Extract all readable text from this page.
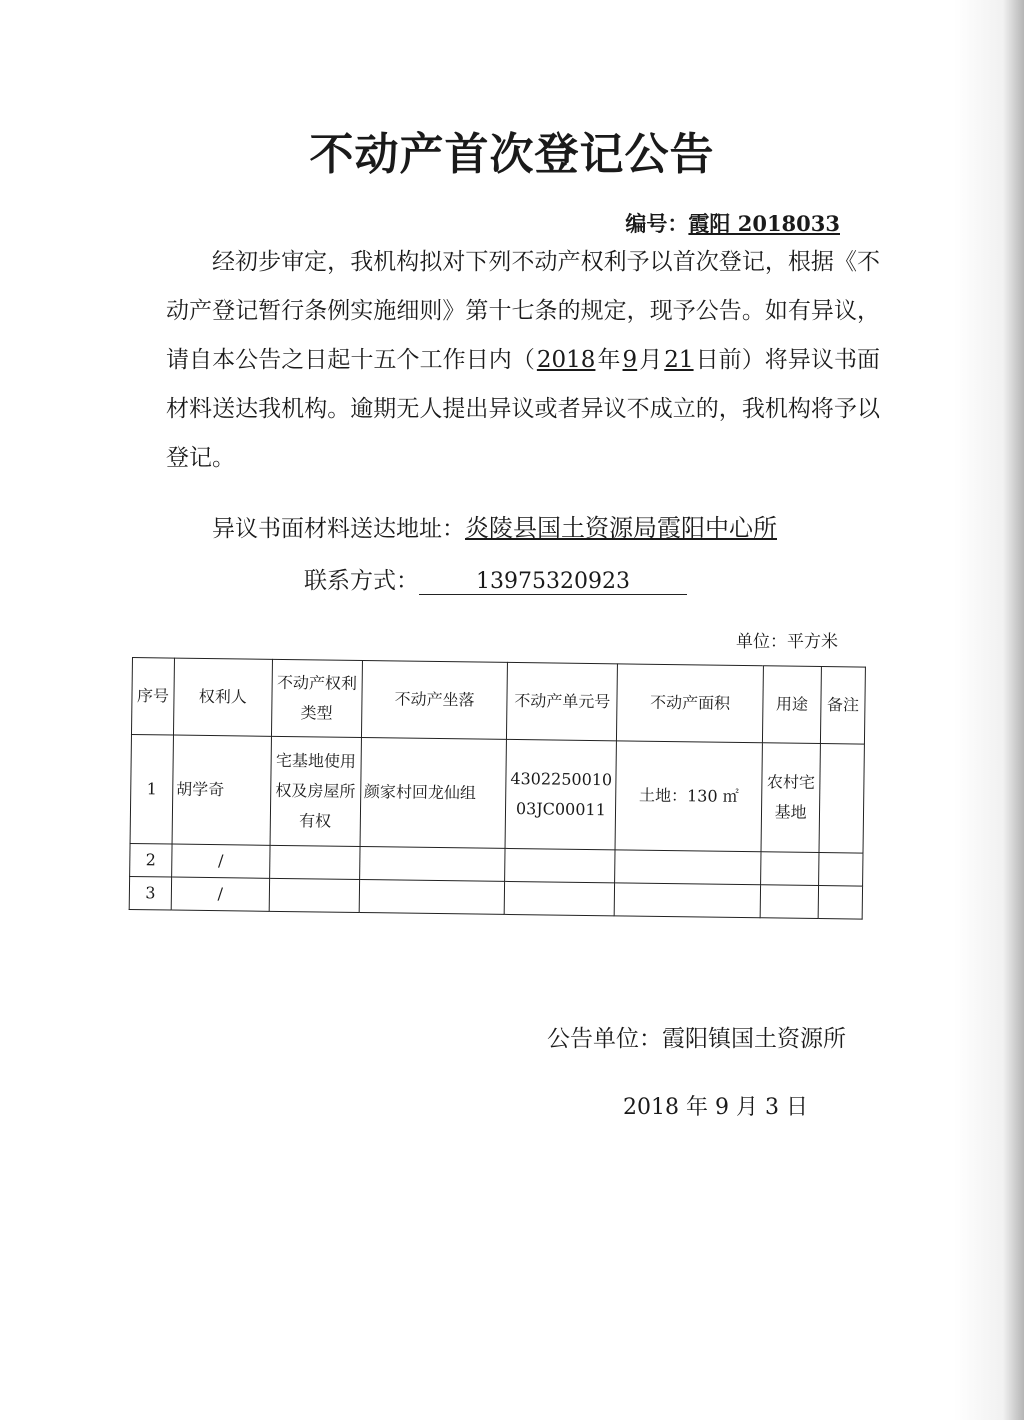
不动产首次登记公告
编号：霞阳 2018033

经初步审定，我机构拟对下列不动产权利予以首次登记，根据《不动产登记暂行条例实施细则》第十七条的规定，现予公告。如有异议，请自本公告之日起十五个工作日内（2018年9月21日前）将异议书面材料送达我机构。逾期无人提出异议或者异议不成立的，我机构将予以登记。

异议书面材料送达地址：炎陵县国土资源局霞阳中心所
联系方式：	13975320923
单位：平方米
序号	权利人	不动产权利类型	不动产坐落	不动产单元号	不动产面积	用途	备注
1	胡学奇	宅基地使用权及房屋所有权	颜家村回龙仙组	430225001003JC00011	土地：130 ㎡	农村宅基地	
2	/						
3	/						
公告单位：霞阳镇国土资源所
2018 年 9 月 3 日
